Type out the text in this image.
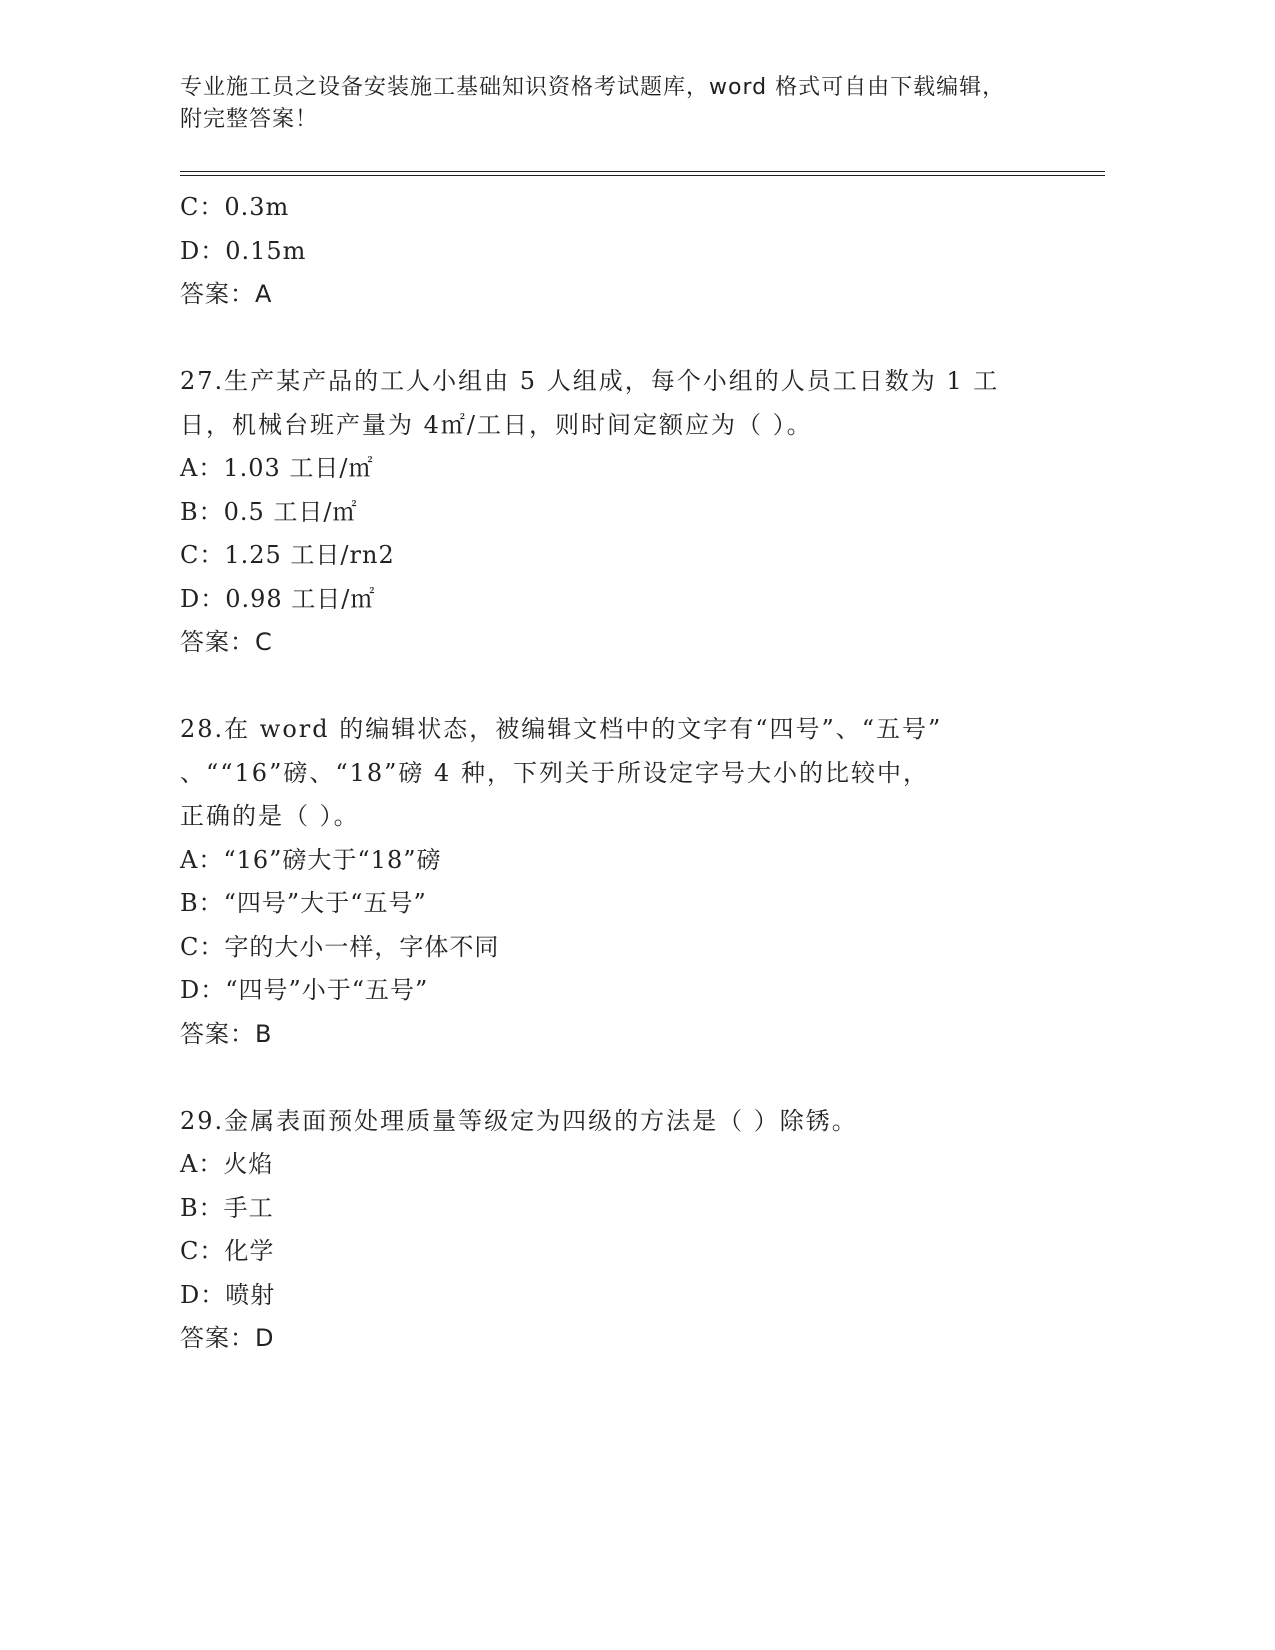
专业施工员之设备安装施工基础知识资格考试题库，word 格式可自由下载编辑，
附完整答案！
C：0.3m
D：0.15m
答案：A
27.生产某产品的工人小组由 5 人组成，每个小组的人员工日数为 1 工
日，机械台班产量为 4㎡/工日，则时间定额应为（ ）。
A：1.03 工日/㎡
B：0.5 工日/㎡
C：1.25 工日/rn2
D：0.98 工日/㎡
答案：C
28.在 word 的编辑状态，被编辑文档中的文字有“四号”、“五号”
、““16”磅、“18”磅 4 种，下列关于所设定字号大小的比较中，
正确的是（ ）。
A：“16”磅大于“18”磅
B：“四号”大于“五号”
C：字的大小一样，字体不同
D：“四号”小于“五号”
答案：B
29.金属表面预处理质量等级定为四级的方法是（ ）除锈。
A：火焰
B：手工
C：化学
D：喷射
答案：D
